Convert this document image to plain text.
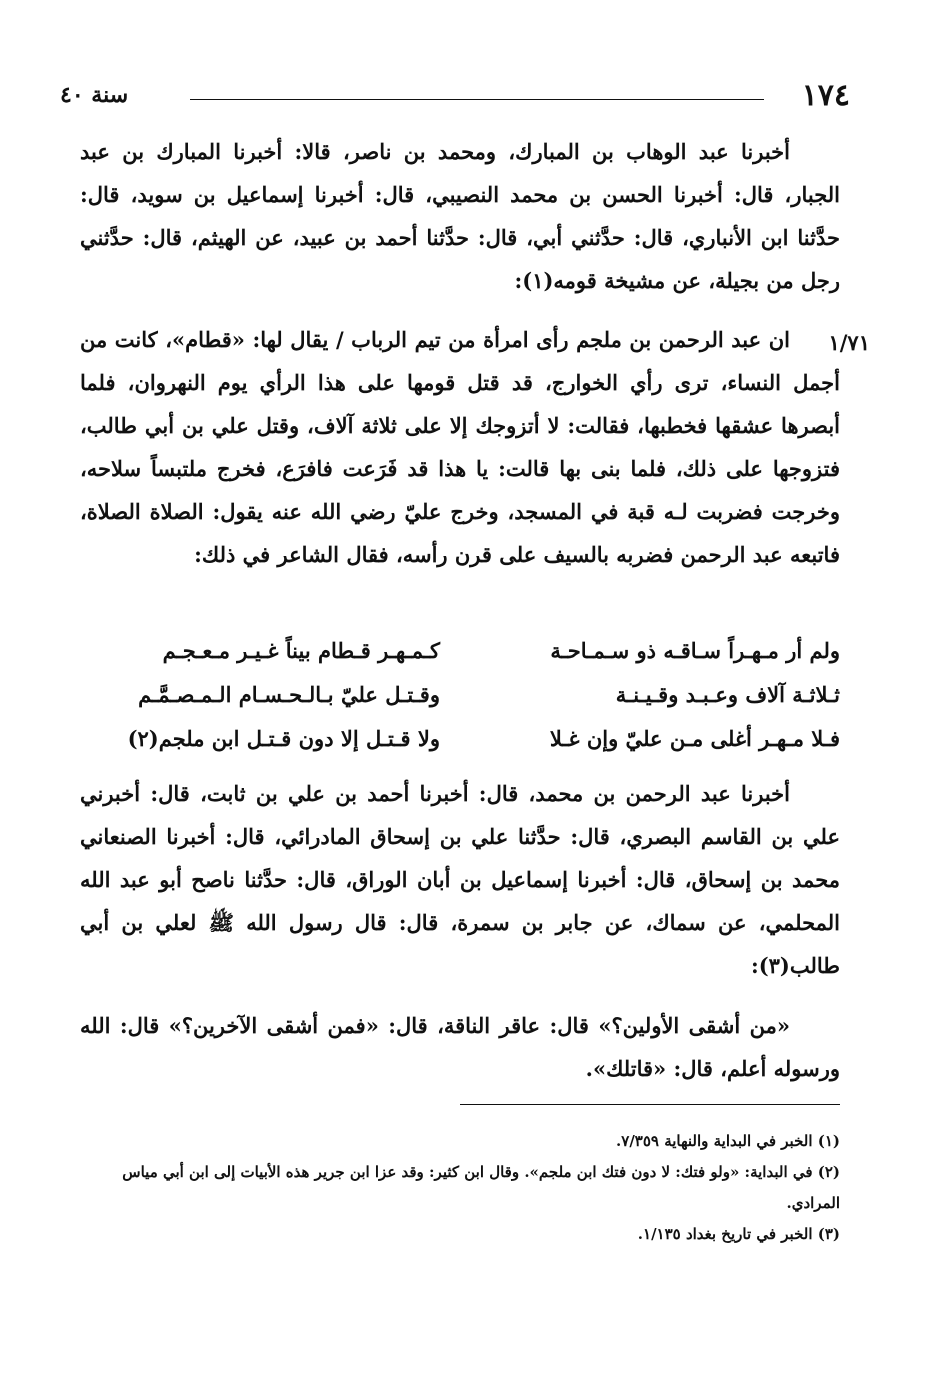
١٧٤
سنة ٤٠

أخبرنا عبد الوهاب بن المبارك، ومحمد بن ناصر، قالا: أخبرنا المبارك بن عبد الجبار، قال: أخبرنا الحسن بن محمد النصيبي، قال: أخبرنا إسماعيل بن سويد، قال: حدَّثنا ابن الأنباري، قال: حدَّثني أبي، قال: حدَّثنا أحمد بن عبيد، عن الهيثم، قال: حدَّثني رجل من بجيلة، عن مشيخة قومه(١):

١/٧١

ان عبد الرحمن بن ملجم رأى امرأة من تيم الرباب / يقال لها: «قطام»، كانت من أجمل النساء، ترى رأي الخوارج، قد قتل قومها على هذا الرأي يوم النهروان، فلما أبصرها عشقها فخطبها، فقالت: لا أتزوجك إلا على ثلاثة آلاف، وقتل علي بن أبي طالب، فتزوجها على ذلك، فلما بنى بها قالت: يا هذا قد فَرَعت فافرَع، فخرج ملتبساً سلاحه، وخرجت فضربت لـه قبة في المسجد، وخرج عليّ رضي الله عنه يقول: الصلاة الصلاة، فاتبعه عبد الرحمن فضربه بالسيف على قرن رأسه، فقال الشاعر في ذلك:

ولم أر مـهـراً سـاقـه ذو سـمـاحـة
كـمـهـر قـطام بيناً غـيـر مـعـجـم
ثـلاثـة آلاف وعـبـد وقـيـنـة
وقـتـل عليّ بـالـحـسـام الـمـصـمَّـم
فـلا مـهـر أغلى مـن عليّ وإن غـلا
ولا قـتـل إلا دون قـتـل ابن ملجم(٢)

أخبرنا عبد الرحمن بن محمد، قال: أخبرنا أحمد بن علي بن ثابت، قال: أخبرني علي بن القاسم البصري، قال: حدَّثنا علي بن إسحاق المادرائي، قال: أخبرنا الصنعاني محمد بن إسحاق، قال: أخبرنا إسماعيل بن أبان الوراق، قال: حدَّثنا ناصح أبو عبد الله المحلمي، عن سماك، عن جابر بن سمرة، قال: قال رسول الله ﷺ لعلي بن أبي طالب(٣):

«من أشقى الأولين؟» قال: عاقر الناقة، قال: «فمن أشقى الآخرين؟» قال: الله ورسوله أعلم، قال: «قاتلك».

(١) الخبر في البداية والنهاية ٧/٣٥٩.

(٢) في البداية: «ولو فتك: لا دون فتك ابن ملجم». وقال ابن كثير: وقد عزا ابن جرير هذه الأبيات إلى ابن أبي مياس المرادي.

(٣) الخبر في تاريخ بغداد ١/١٣٥.
